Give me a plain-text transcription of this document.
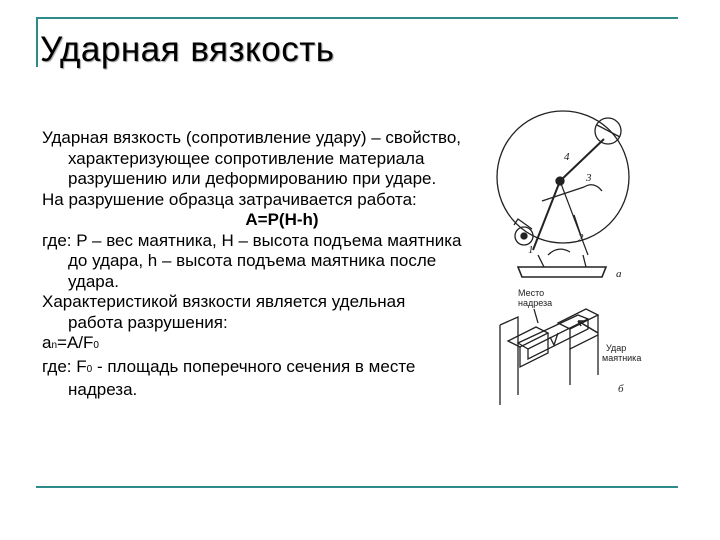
Ударная вязкость

Ударная вязкость (сопротивление удару) – свойство, характеризующее сопротивление материала разрушению или деформированию при ударе.

На разрушение образца затрачивается работа:

A=P(H-h)

где: P – вес маятника, H – высота подъема маятника до удара, h – высота подъема маятника после удара.

Характеристикой вязкости является удельная работа разрушения:

an=A/F0

где: F0 - площадь поперечного сечения в месте надреза.

3
4
2
1
а
Место
надреза
Удар
маятника
б
